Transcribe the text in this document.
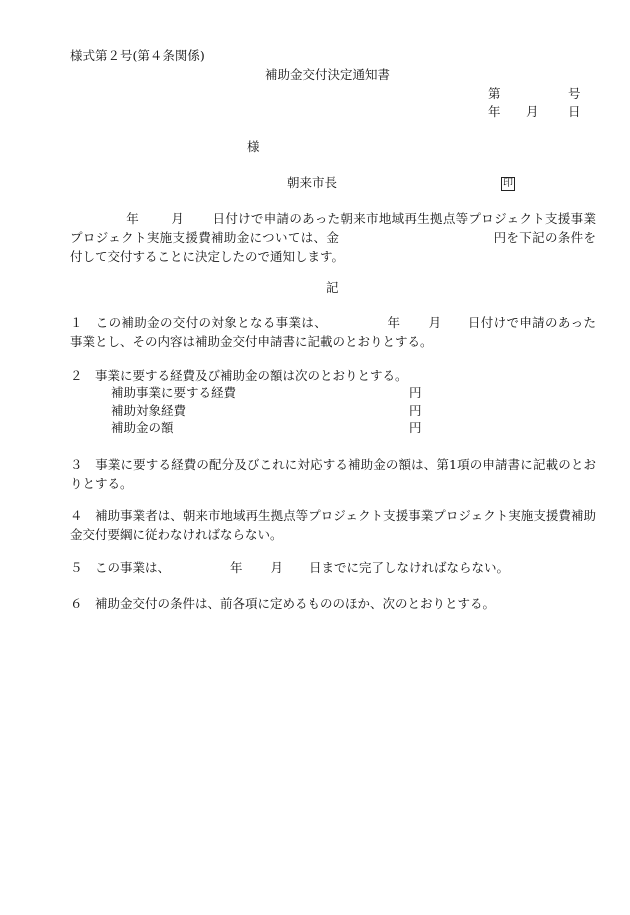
様式第２号(第４条関係)
補助金交付決定通知書
第	号
年 月 日
様
朝来市長	印
年	月 日付けで申請のあった朝来市地域再生拠点等プロジェクト支援事業プロジェクト実施支援費補助金については、金	円を下記の条件を付して交付することに決定したので通知します。
記
１　この補助金の交付の対象となる事業は、	年 月 日付けで申請のあった事業とし、その内容は補助金交付申請書に記載のとおりとする。
２　事業に要する経費及び補助金の額は次のとおりとする。
補助事業に要する経費	円
補助対象経費	円
補助金の額	円
３　事業に要する経費の配分及びこれに対応する補助金の額は、第1項の申請書に記載のとおりとする。
４　補助事業者は、朝来市地域再生拠点等プロジェクト支援事業プロジェクト実施支援費補助金交付要綱に従わなければならない。
５　この事業は、	年 月 日までに完了しなければならない。
６　補助金交付の条件は、前各項に定めるもののほか、次のとおりとする。
